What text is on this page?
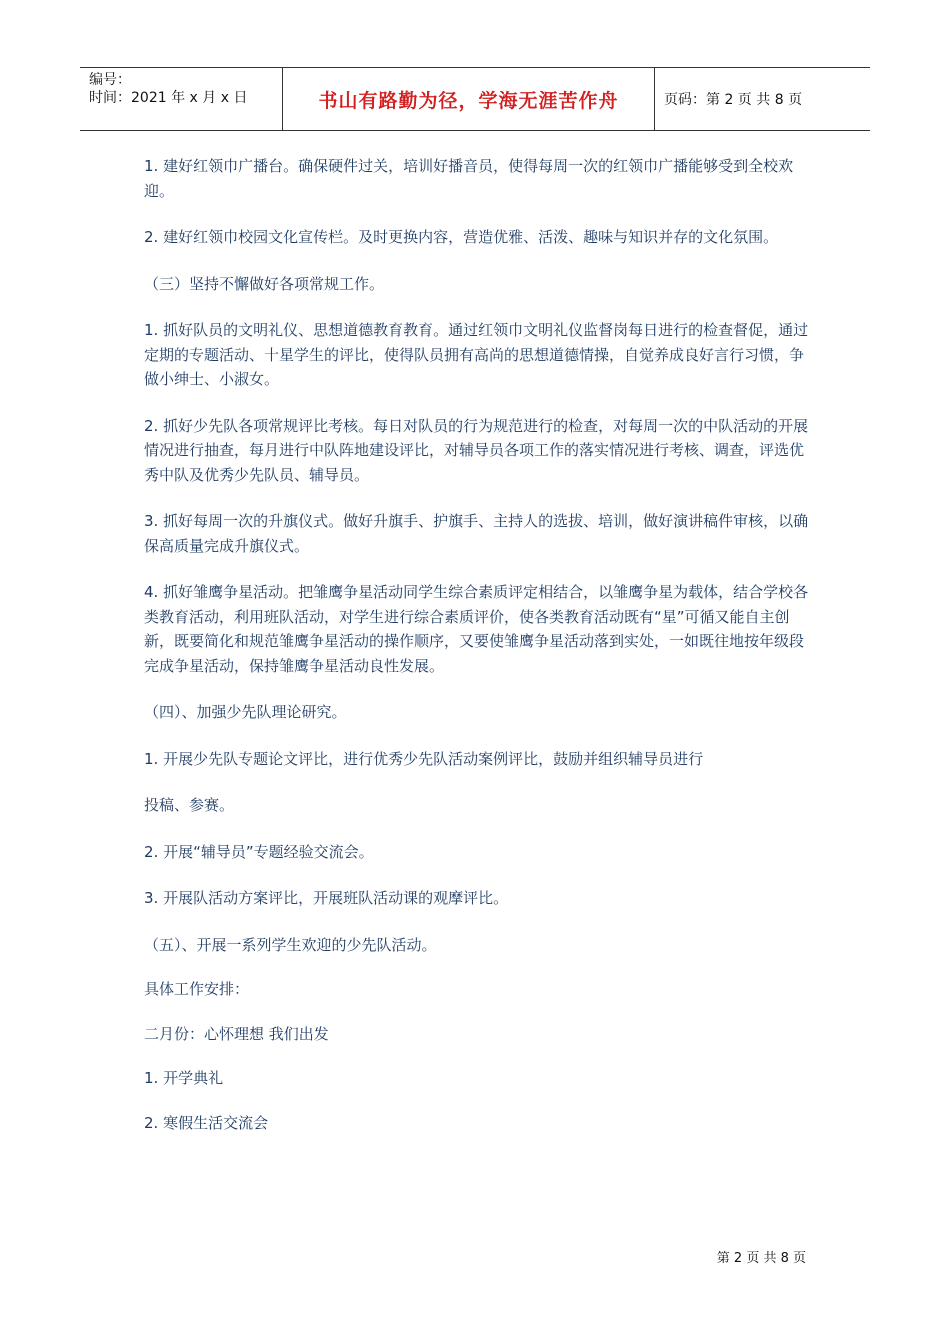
编号：
时间：2021 年 x 月 x 日	书山有路勤为径，学海无涯苦作舟	页码：第 2 页 共 8 页

1. 建好红领巾广播台。确保硬件过关，培训好播音员，使得每周一次的红领巾广播能够受到全校欢迎。

2. 建好红领巾校园文化宣传栏。及时更换内容，营造优雅、活泼、趣味与知识并存的文化氛围。

（三）坚持不懈做好各项常规工作。

1. 抓好队员的文明礼仪、思想道德教育教育。通过红领巾文明礼仪监督岗每日进行的检查督促，通过定期的专题活动、十星学生的评比，使得队员拥有高尚的思想道德情操，自觉养成良好言行习惯，争做小绅士、小淑女。

2. 抓好少先队各项常规评比考核。每日对队员的行为规范进行的检查，对每周一次的中队活动的开展情况进行抽查，每月进行中队阵地建设评比，对辅导员各项工作的落实情况进行考核、调查，评选优秀中队及优秀少先队员、辅导员。

3. 抓好每周一次的升旗仪式。做好升旗手、护旗手、主持人的选拔、培训，做好演讲稿件审核，以确保高质量完成升旗仪式。

4. 抓好雏鹰争星活动。把雏鹰争星活动同学生综合素质评定相结合，以雏鹰争星为载体，结合学校各类教育活动，利用班队活动，对学生进行综合素质评价，使各类教育活动既有“星”可循又能自主创新，既要简化和规范雏鹰争星活动的操作顺序，又要使雏鹰争星活动落到实处，一如既往地按年级段完成争星活动，保持雏鹰争星活动良性发展。

（四）、加强少先队理论研究。

1. 开展少先队专题论文评比，进行优秀少先队活动案例评比，鼓励并组织辅导员进行

投稿、参赛。

2. 开展“辅导员”专题经验交流会。

3. 开展队活动方案评比，开展班队活动课的观摩评比。

（五）、开展一系列学生欢迎的少先队活动。

具体工作安排：

二月份：心怀理想 我们出发

1. 开学典礼

2. 寒假生活交流会

第 2 页 共 8 页
